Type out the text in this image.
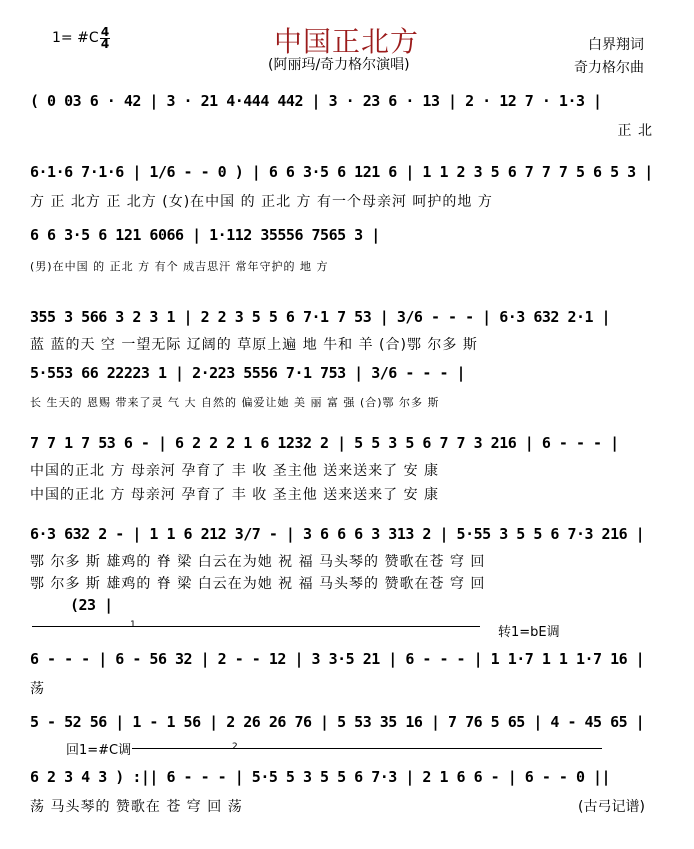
1= #C 4
4	中国正北方
(阿丽玛/奇力格尔演唱)
白界翔词
奇力格尔曲
( 0 03 6 · 42 | 3 · 21 4·444 442 | 3 · 23 6 · 13 | 2 · 12 7 · 1·3 |
正 北
6·1·6 7·1·6 | 1/6 - - 0 ) | 6 6 3·5 6 121 6 | 1 1 2 3 5 6 7 7 7 5 6 5 3 |
方 正 北方 正 北方 (女)在中国 的 正北 方 有一个母亲河 呵护的地 方
6 6 3·5 6 121 6066 | 1·112 35556 7565 3 |
(男)在中国 的 正北 方 有个 成吉思汗 常年守护的 地 方
355 3 566 3 2 3 1 | 2 2 3 5 5 6 7·1 7 53 | 3/6 - - - | 6·3 632 2·1 |
蓝 蓝的天 空 一望无际 辽阔的 草原上遍 地 牛和 羊 (合)鄂 尔多 斯
5·553 66 22223 1 | 2·223 5556 7·1 753 | 3/6 - - - |
长 生天的 恩赐 带来了灵 气 大 自然的 偏爱让她 美 丽 富 强 (合)鄂 尔多 斯
7 7 1 7 53 6 - | 6 2 2 2 1 6 1232 2 | 5 5 3 5 6 7 7 3 216 | 6 - - - |
中国的正北 方 母亲河 孕育了 丰 收 圣主他 送来送来了 安 康
中国的正北 方 母亲河 孕育了 丰 收 圣主他 送来送来了 安 康
6·3 632 2 - | 1 1 6 212 3/7 - | 3 6 6 6 3 313 2 | 5·55 3 5 5 6 7·3 216 |
鄂 尔多 斯 雄鸡的 脊 梁 白云在为她 祝 福 马头琴的 赞歌在苍 穹 回
鄂 尔多 斯 雄鸡的 脊 梁 白云在为她 祝 福 马头琴的 赞歌在苍 穹 回
(23 |
1	转1=bE调
6 - - - | 6 - 56 32 | 2 - - 12 | 3 3·5 21 | 6 - - - | 1 1·7 1 1 1·7 16 |
荡
5 - 52 56 | 1 - 1 56 | 2 26 26 76 | 5 53 35 16 | 7 76 5 65 | 4 - 45 65 |
回1=#C调	2
6 2 3 4 3 ) :|| 6 - - - | 5·5 5 3 5 5 6 7·3 | 2 1 6 6 - | 6 - - 0 ||
荡 马头琴的 赞歌在 苍 穹 回 荡	(古弓记谱)
